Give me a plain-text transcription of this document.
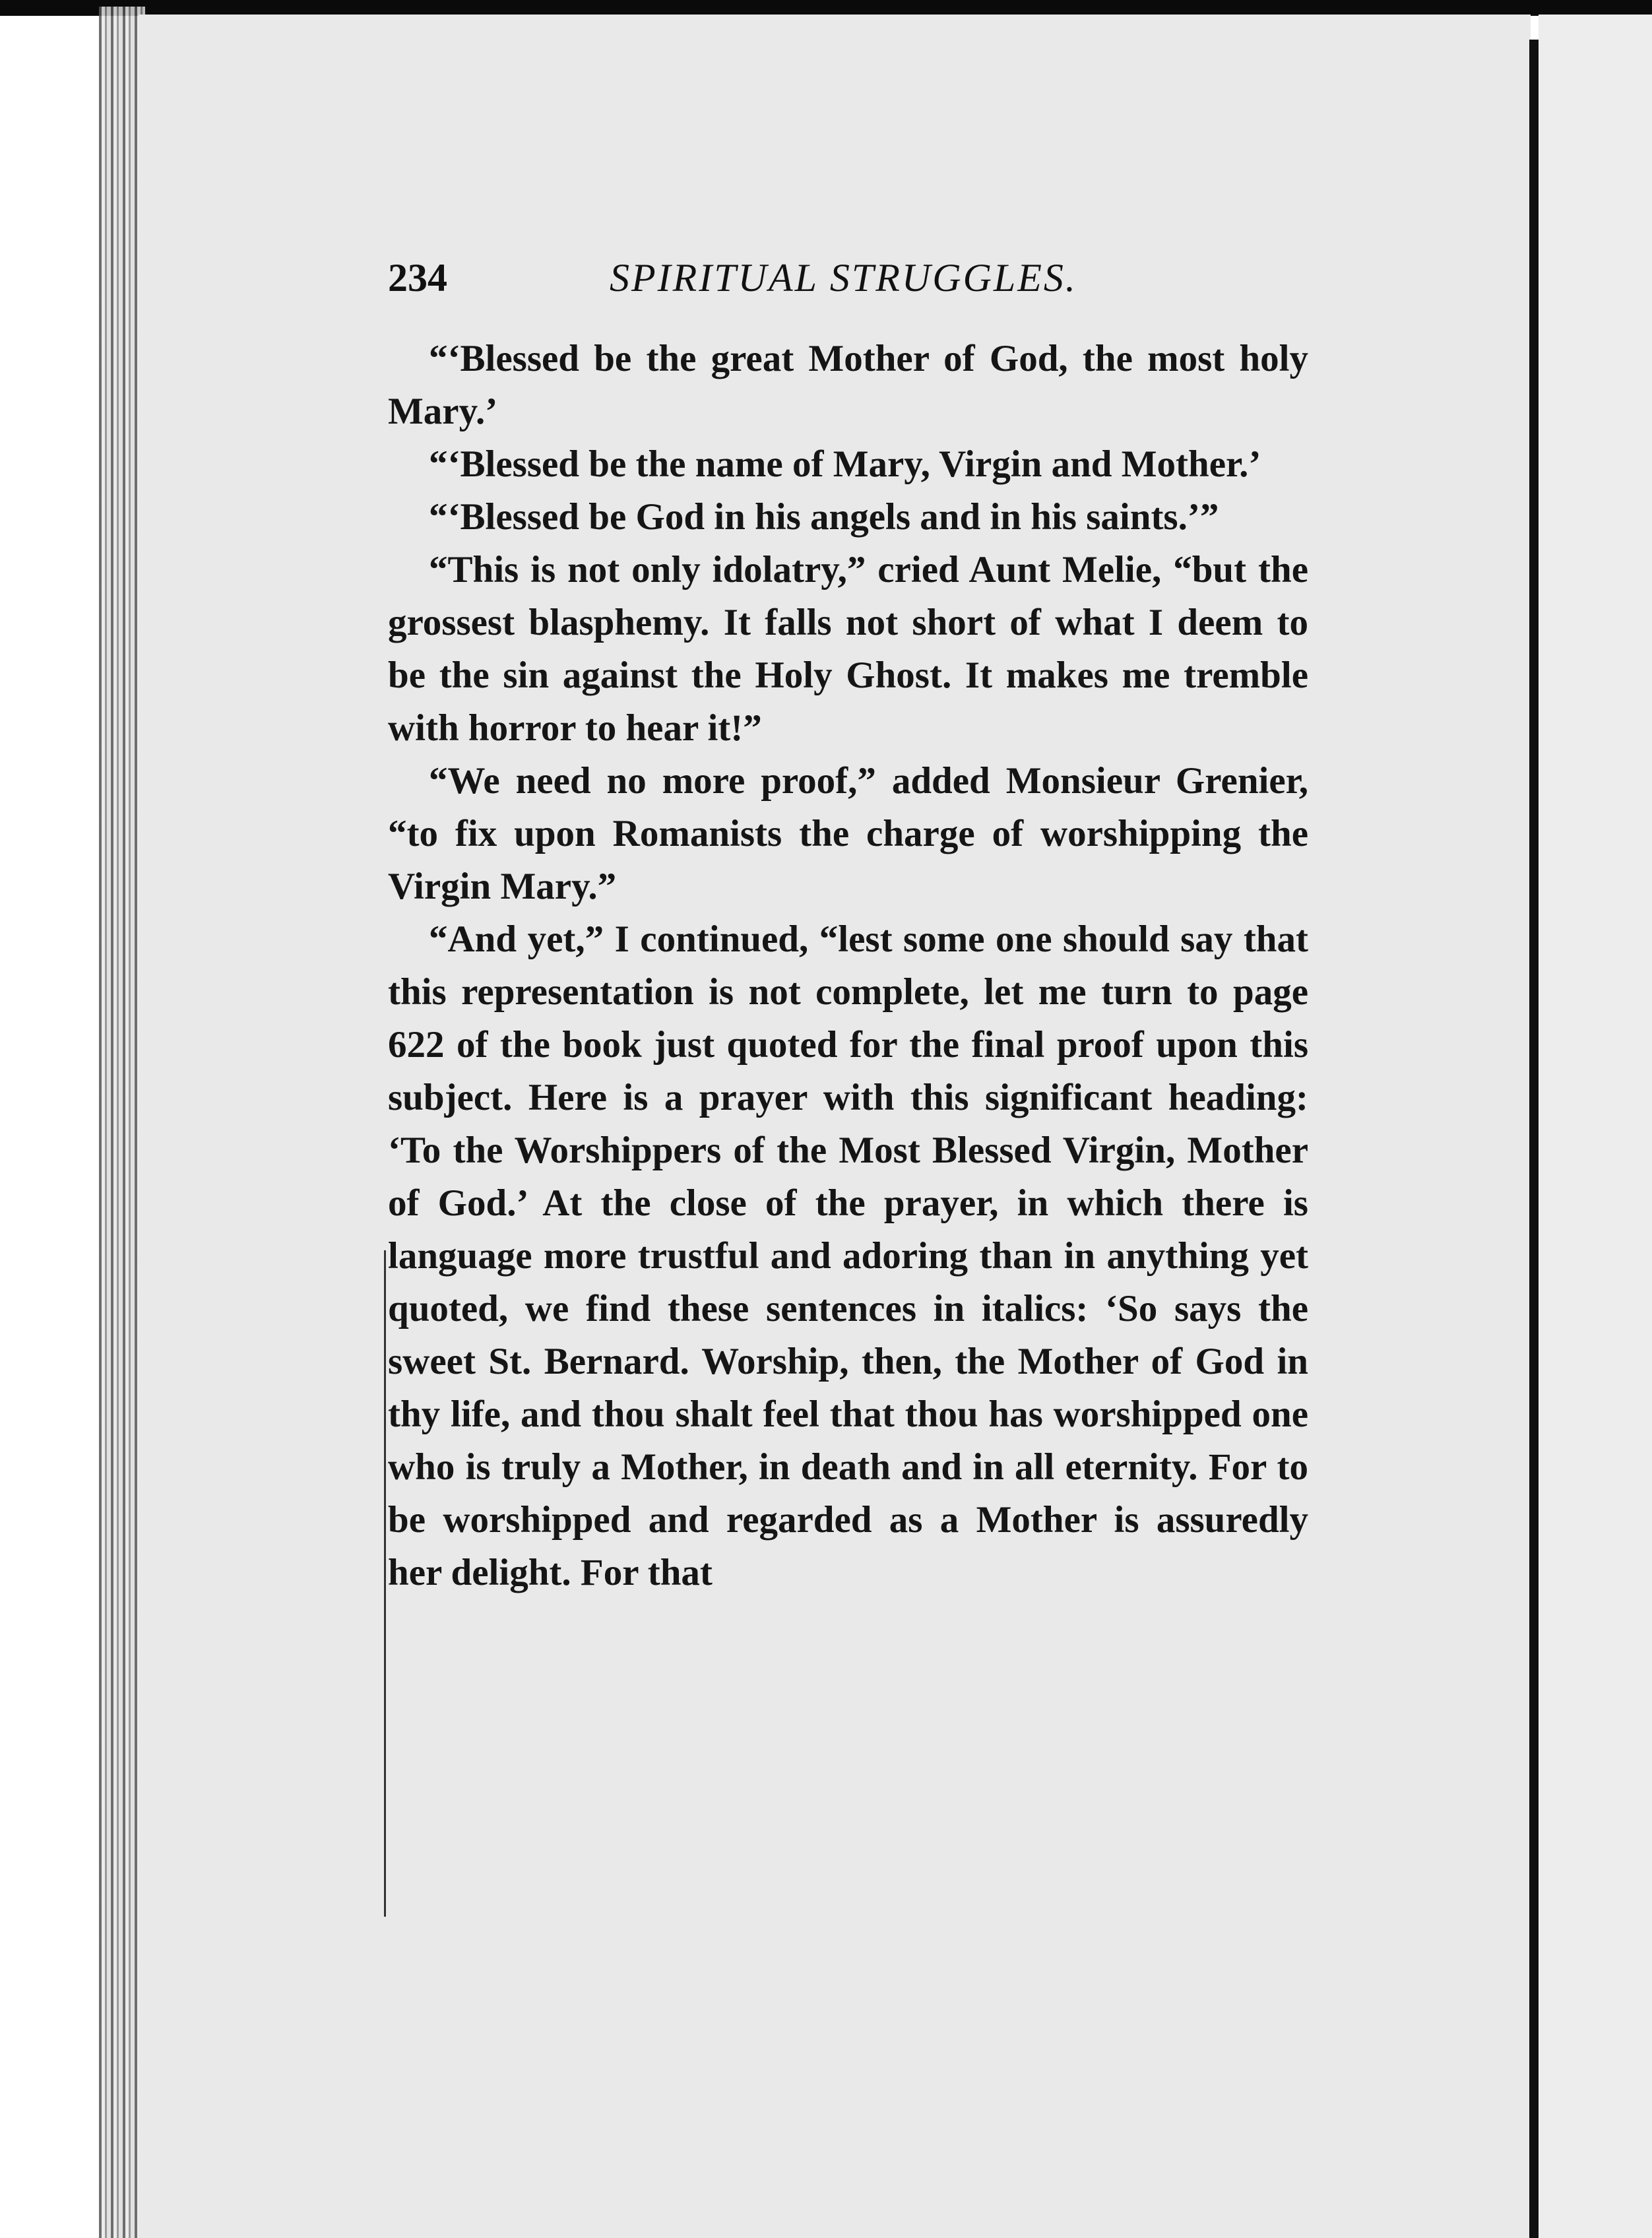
234	SPIRITUAL STRUGGLES.

“‘Blessed be the great Mother of God, the most holy Mary.’

“‘Blessed be the name of Mary, Virgin and Mother.’

“‘Blessed be God in his angels and in his saints.’”

“This is not only idolatry,” cried Aunt Melie, “but the grossest blasphemy. It falls not short of what I deem to be the sin against the Holy Ghost. It makes me tremble with horror to hear it!”

“We need no more proof,” added Monsieur Grenier, “to fix upon Romanists the charge of worshipping the Virgin Mary.”

“And yet,” I continued, “lest some one should say that this representation is not complete, let me turn to page 622 of the book just quoted for the final proof upon this subject. Here is a prayer with this significant heading: ‘To the Worshippers of the Most Blessed Virgin, Mother of God.’ At the close of the prayer, in which there is language more trustful and adoring than in anything yet quoted, we find these sentences in italics: ‘So says the sweet St. Bernard. Worship, then, the Mother of God in thy life, and thou shalt feel that thou has worshipped one who is truly a Mother, in death and in all eternity. For to be worshipped and regarded as a Mother is assuredly her delight. For that
